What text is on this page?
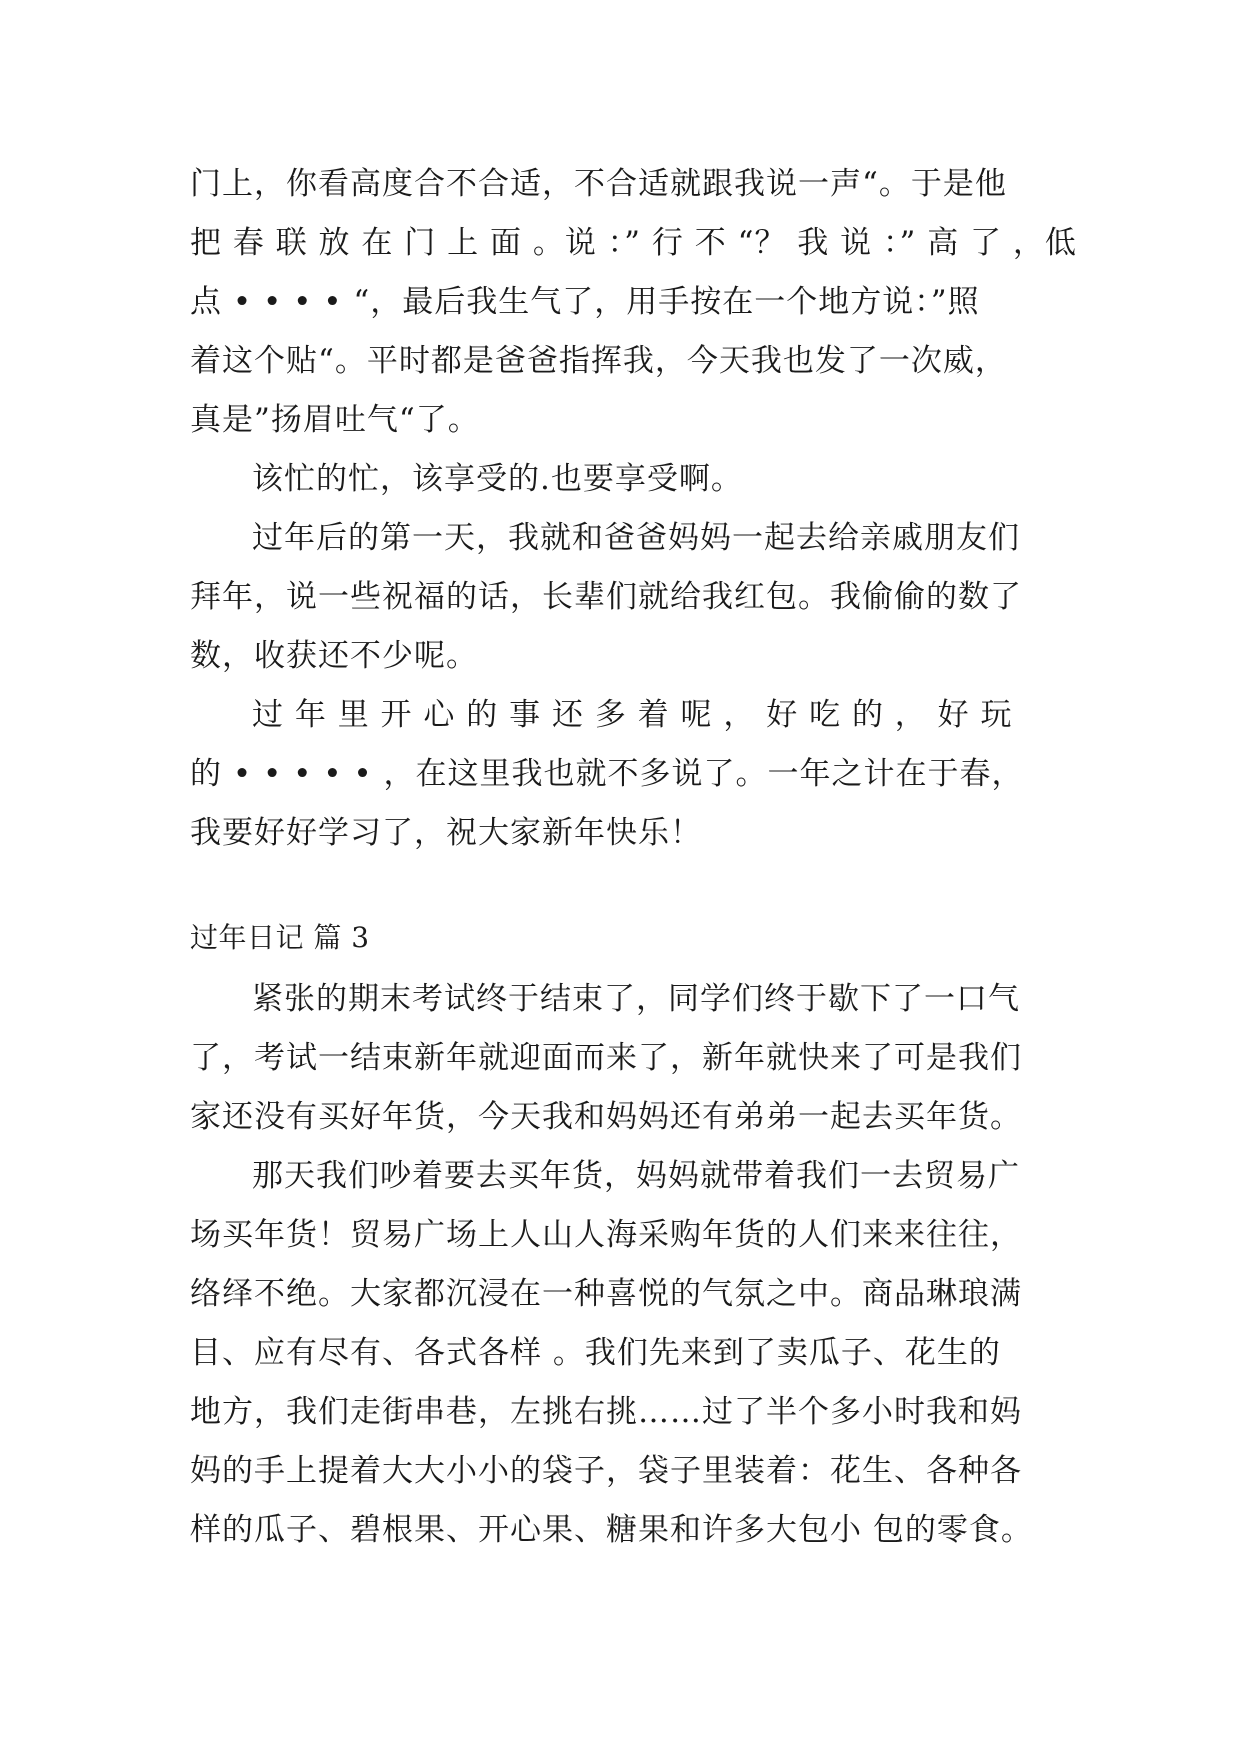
门上，你看高度合不合适，不合适就跟我说一声“。于是他

把 春 联 放 在 门 上 面 。说 ：” 行 不 “？ 我 说 ：” 高 了 ，低

点 • • • • “，最后我生气了，用手按在一个地方说：”照

着这个贴“。平时都是爸爸指挥我，今天我也发了一次威，

真是”扬眉吐气“了。

该忙的忙，该享受的.也要享受啊。

过年后的第一天，我就和爸爸妈妈一起去给亲戚朋友们

拜年，说一些祝福的话，长辈们就给我红包。我偷偷的数了

数，收获还不少呢。

过 年 里 开 心 的 事 还 多 着 呢 ， 好 吃 的 ， 好 玩

的 • • • • • ，在这里我也就不多说了。一年之计在于春，

我要好好学习了，祝大家新年快乐！

过年日记 篇 3

紧张的期末考试终于结束了，同学们终于歇下了一口气

了，考试一结束新年就迎面而来了，新年就快来了可是我们

家还没有买好年货，今天我和妈妈还有弟弟一起去买年货。

那天我们吵着要去买年货，妈妈就带着我们一去贸易广

场买年货！贸易广场上人山人海采购年货的人们来来往往，

络绎不绝。大家都沉浸在一种喜悦的气氛之中。商品琳琅满

目、应有尽有、各式各样 。我们先来到了卖瓜子、花生的

地方，我们走街串巷，左挑右挑……过了半个多小时我和妈

妈的手上提着大大小小的袋子，袋子里装着：花生、各种各

样的瓜子、碧根果、开心果、糖果和许多大包小 包的零食。
